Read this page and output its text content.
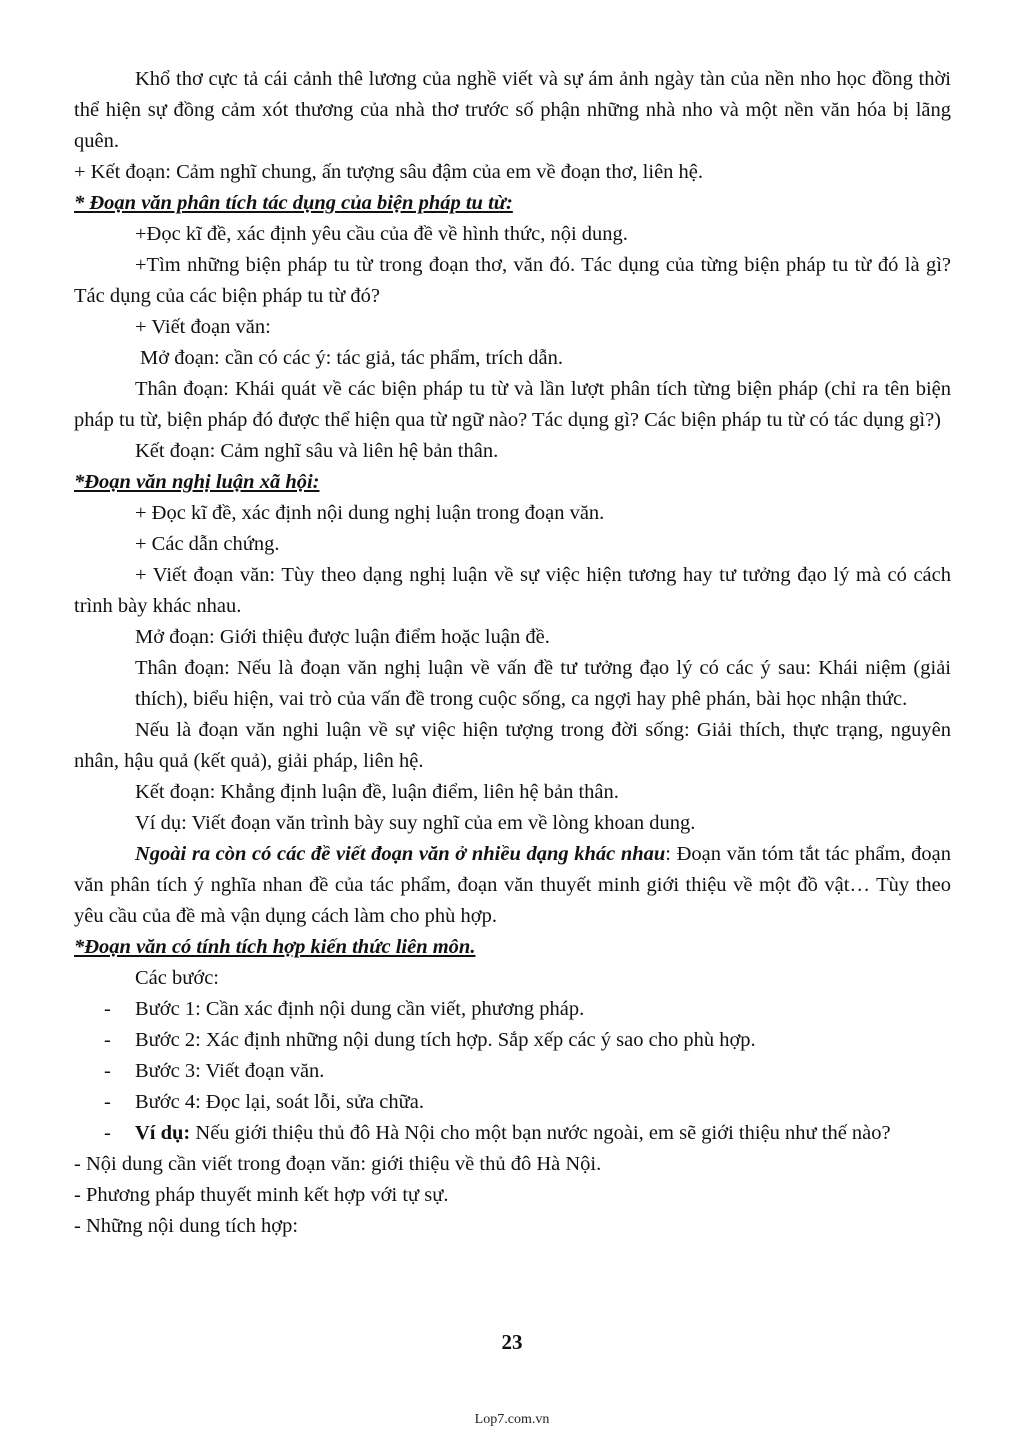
Khổ thơ cực tả cái cảnh thê lương của nghề viết và sự ám ảnh ngày tàn của nền nho học đồng thời thể hiện sự đồng cảm xót thương của nhà thơ trước số phận những nhà nho và một nền văn hóa bị lãng quên.

+ Kết đoạn: Cảm nghĩ chung, ấn tượng sâu đậm của em về đoạn thơ, liên hệ.

* Đoạn văn phân tích tác dụng của biện pháp tu từ:

+Đọc kĩ đề, xác định yêu cầu của đề về hình thức, nội dung.

+Tìm những biện pháp tu từ trong đoạn thơ, văn đó. Tác dụng của từng biện pháp tu từ đó là gì? Tác dụng của các biện pháp tu từ đó?

+ Viết đoạn văn:

Mở đoạn: cần có các ý: tác giả, tác phẩm, trích dẫn.

Thân đoạn: Khái quát về các biện pháp tu từ và lần lượt phân tích từng biện pháp (chỉ ra tên biện pháp tu từ, biện pháp đó được thể hiện qua từ ngữ nào? Tác dụng gì? Các biện pháp tu từ có tác dụng gì?)

Kết đoạn: Cảm nghĩ sâu và liên hệ bản thân.

*Đoạn văn nghị luận xã hội:

+ Đọc kĩ đề, xác định nội dung nghị luận trong đoạn văn.

+ Các dẫn chứng.

+ Viết đoạn văn: Tùy theo dạng nghị luận về sự việc hiện tương hay tư tưởng đạo lý mà có cách trình bày khác nhau.

Mở đoạn: Giới thiệu được luận điểm hoặc luận đề.

Thân đoạn: Nếu là đoạn văn nghị luận về vấn đề tư tưởng đạo lý có các ý sau: Khái niệm (giải thích), biểu hiện, vai trò của vấn đề trong cuộc sống, ca ngợi hay phê phán, bài học nhận thức.

Nếu là đoạn văn nghi luận về sự việc hiện tượng trong đời sống: Giải thích, thực trạng, nguyên nhân, hậu quả (kết quả), giải pháp, liên hệ.

Kết đoạn: Khẳng định luận đề, luận điểm, liên hệ bản thân.

Ví dụ: Viết đoạn văn trình bày suy nghĩ của em về lòng khoan dung.

Ngoài ra còn có các đề viết đoạn văn ở nhiều dạng khác nhau: Đoạn văn tóm tắt tác phẩm, đoạn văn phân tích ý nghĩa nhan đề của tác phẩm, đoạn văn thuyết minh giới thiệu về một đồ vật… Tùy theo yêu cầu của đề mà vận dụng cách làm cho phù hợp.

*Đoạn văn có tính tích hợp kiến thức liên môn.

Các bước:

- Bước 1: Cần xác định nội dung cần viết, phương pháp.
- Bước 2: Xác định những nội dung tích hợp. Sắp xếp các ý sao cho phù hợp.
- Bước 3: Viết đoạn văn.
- Bước 4: Đọc lại, soát lỗi, sửa chữa.
- Ví dụ: Nếu giới thiệu thủ đô Hà Nội cho một bạn nước ngoài, em sẽ giới thiệu như thế nào?

- Nội dung cần viết trong đoạn văn: giới thiệu về thủ đô Hà Nội.

- Phương pháp thuyết minh kết hợp với tự sự.

- Những nội dung tích hợp:

23
Lop7.com.vn
